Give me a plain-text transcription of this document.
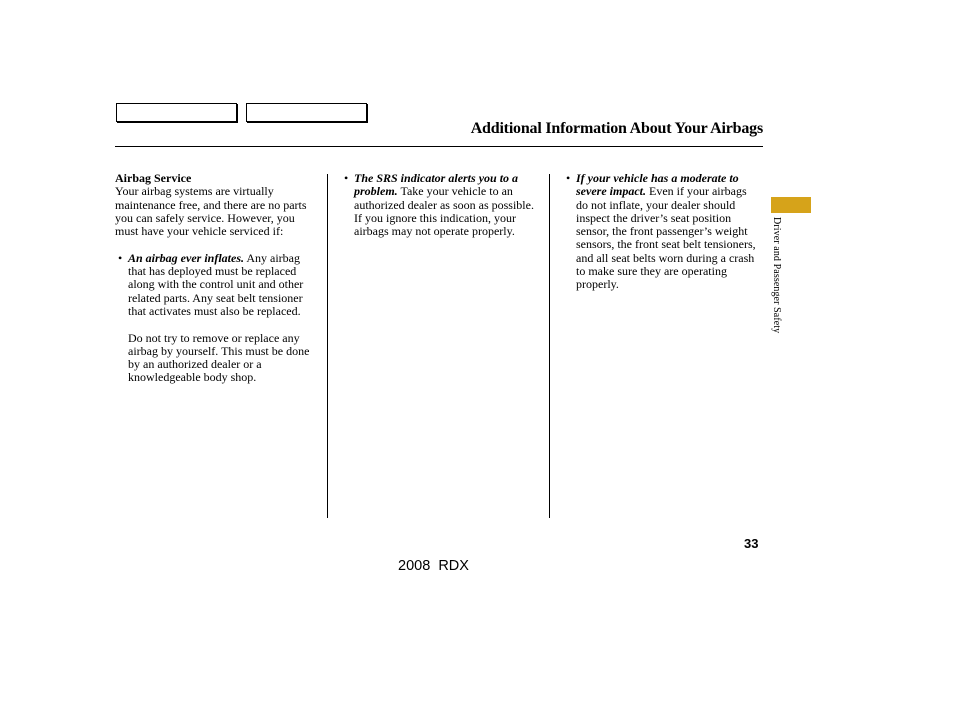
Additional Information About Your Airbags
Airbag Service

Your airbag systems are virtually maintenance free, and there are no parts you can safely service. However, you must have your vehicle serviced if:

• An airbag ever inflates. Any airbag that has deployed must be replaced along with the control unit and other related parts. Any seat belt tensioner that activates must also be replaced.

Do not try to remove or replace any airbag by yourself. This must be done by an authorized dealer or a knowledgeable body shop.

• The SRS indicator alerts you to a problem. Take your vehicle to an authorized dealer as soon as possible. If you ignore this indication, your airbags may not operate properly.

• If your vehicle has a moderate to severe impact. Even if your airbags do not inflate, your dealer should inspect the driver’s seat position sensor, the front passenger’s weight sensors, the front seat belt tensioners, and all seat belts worn during a crash to make sure they are operating properly.	Driver and Passenger Safety
33
2008  RDX
